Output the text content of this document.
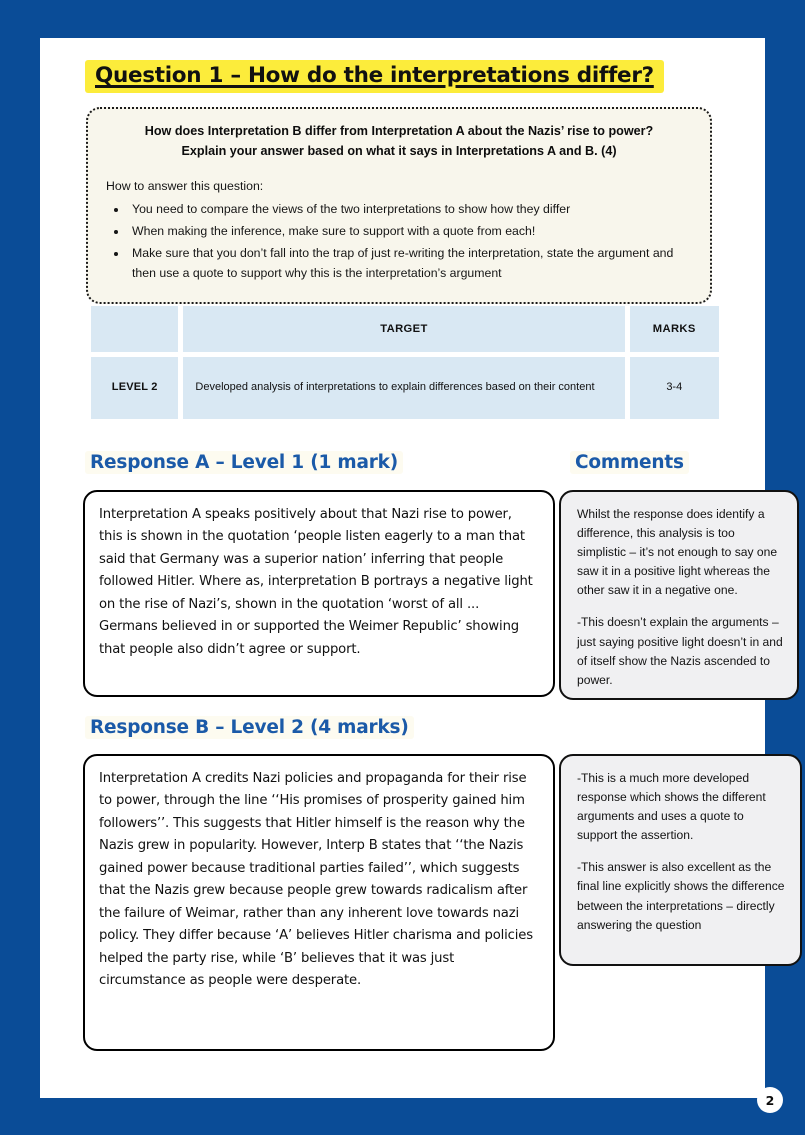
Question 1 – How do the interpretations differ?
How does Interpretation B differ from Interpretation A about the Nazis’ rise to power?
Explain your answer based on what it says in Interpretations A and B. (4)
How to answer this question:
• You need to compare the views of the two interpretations to show how they differ
• When making the inference, make sure to support with a quote from each!
• Make sure that you don’t fall into the trap of just re-writing the interpretation, state the argument and then use a quote to support why this is the interpretation’s argument
	TARGET	MARKS
LEVEL 2	Developed analysis of interpretations to explain differences based on their content	3-4
Response A – Level 1 (1 mark)	Comments
Response B – Level 2 (4 marks)
Interpretation A speaks positively about that Nazi rise to power, this is shown in the quotation ‘people listen eagerly to a man that said that Germany was a superior nation’ inferring that people followed Hitler. Where as, interpretation B portrays a negative light on the rise of Nazi’s, shown in the quotation ‘worst of all ... Germans believed in or supported the Weimer Republic’ showing that people also didn’t agree or support.

Whilst the response does identify a difference, this analysis is too simplistic – it’s not enough to say one saw it in a positive light whereas the other saw it in a negative one.

-This doesn’t explain the arguments – just saying positive light doesn’t in and of itself show the Nazis ascended to power.

Interpretation A credits Nazi policies and propaganda for their rise to power, through the line ‘‘His promises of prosperity gained him followers’’. This suggests that Hitler himself is the reason why the Nazis grew in popularity. However, Interp B states that ‘‘the Nazis gained power because traditional parties failed’’, which suggests that the Nazis grew because people grew towards radicalism after the failure of Weimar, rather than any inherent love towards nazi policy. They differ because ‘A’ believes Hitler charisma and policies helped the party rise, while ‘B’ believes that it was just circumstance as people were desperate.

-This is a much more developed response which shows the different arguments and uses a quote to support the assertion.

-This answer is also excellent as the final line explicitly shows the difference between the interpretations – directly answering the question

2
